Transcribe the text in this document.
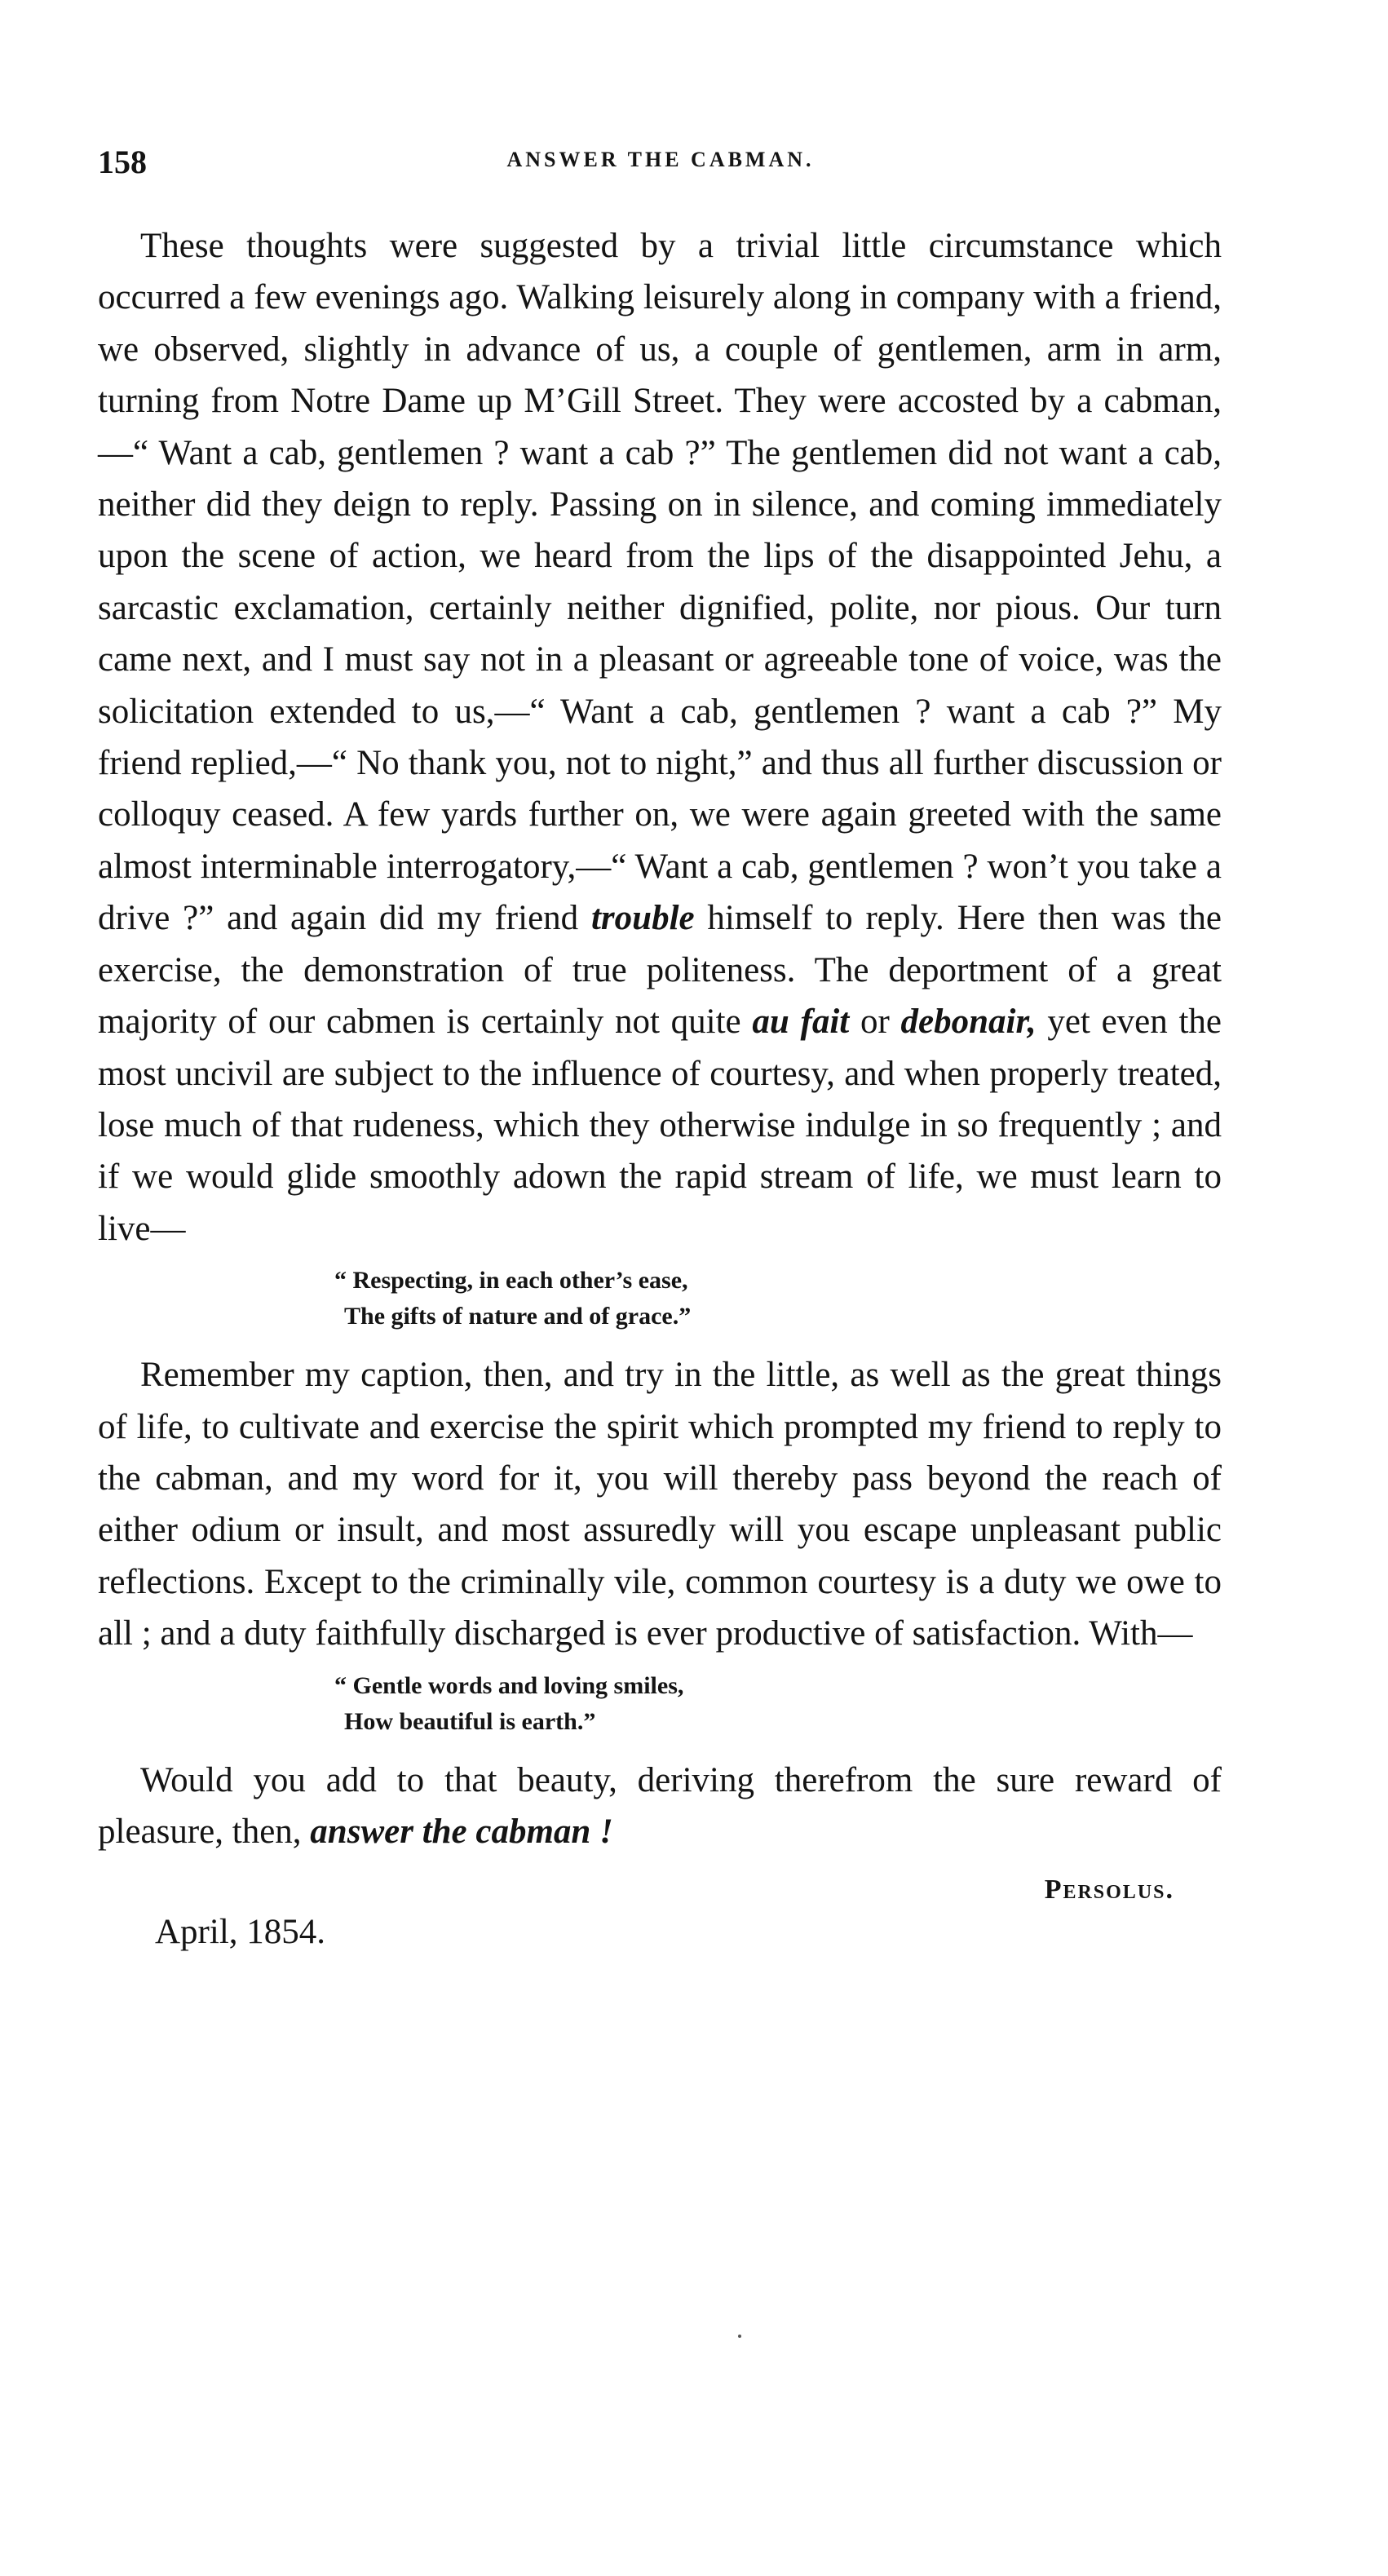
158	ANSWER THE CABMAN.

These thoughts were suggested by a trivial little circumstance which occurred a few evenings ago. Walking leisurely along in company with a friend, we observed, slightly in advance of us, a couple of gentlemen, arm in arm, turning from Notre Dame up M’Gill Street. They were accosted by a cabman,—“ Want a cab, gentlemen ? want a cab ?” The gentlemen did not want a cab, neither did they deign to reply. Passing on in silence, and coming immediately upon the scene of action, we heard from the lips of the disappointed Jehu, a sarcastic exclamation, certainly neither dignified, polite, nor pious. Our turn came next, and I must say not in a pleasant or agreeable tone of voice, was the solicitation extended to us,—“ Want a cab, gentlemen ? want a cab ?” My friend replied,—“ No thank you, not to night,” and thus all further discussion or colloquy ceased. A few yards further on, we were again greeted with the same almost interminable interrogatory,—“ Want a cab, gentlemen ? won’t you take a drive ?” and again did my friend trouble himself to reply. Here then was the exercise, the demonstration of true politeness. The deportment of a great majority of our cabmen is certainly not quite au fait or debonair, yet even the most uncivil are subject to the influence of courtesy, and when properly treated, lose much of that rudeness, which they otherwise indulge in so frequently ; and if we would glide smoothly adown the rapid stream of life, we must learn to live—

“ Respecting, in each other’s ease,
The gifts of nature and of grace.”

Remember my caption, then, and try in the little, as well as the great things of life, to cultivate and exercise the spirit which prompted my friend to reply to the cabman, and my word for it, you will thereby pass beyond the reach of either odium or insult, and most assuredly will you escape unpleasant public reflections. Except to the criminally vile, common courtesy is a duty we owe to all ; and a duty faithfully discharged is ever productive of satisfaction. With—

“ Gentle words and loving smiles,
How beautiful is earth.”

Would you add to that beauty, deriving therefrom the sure reward of pleasure, then, answer the cabman !

Persolus.
April, 1854.
